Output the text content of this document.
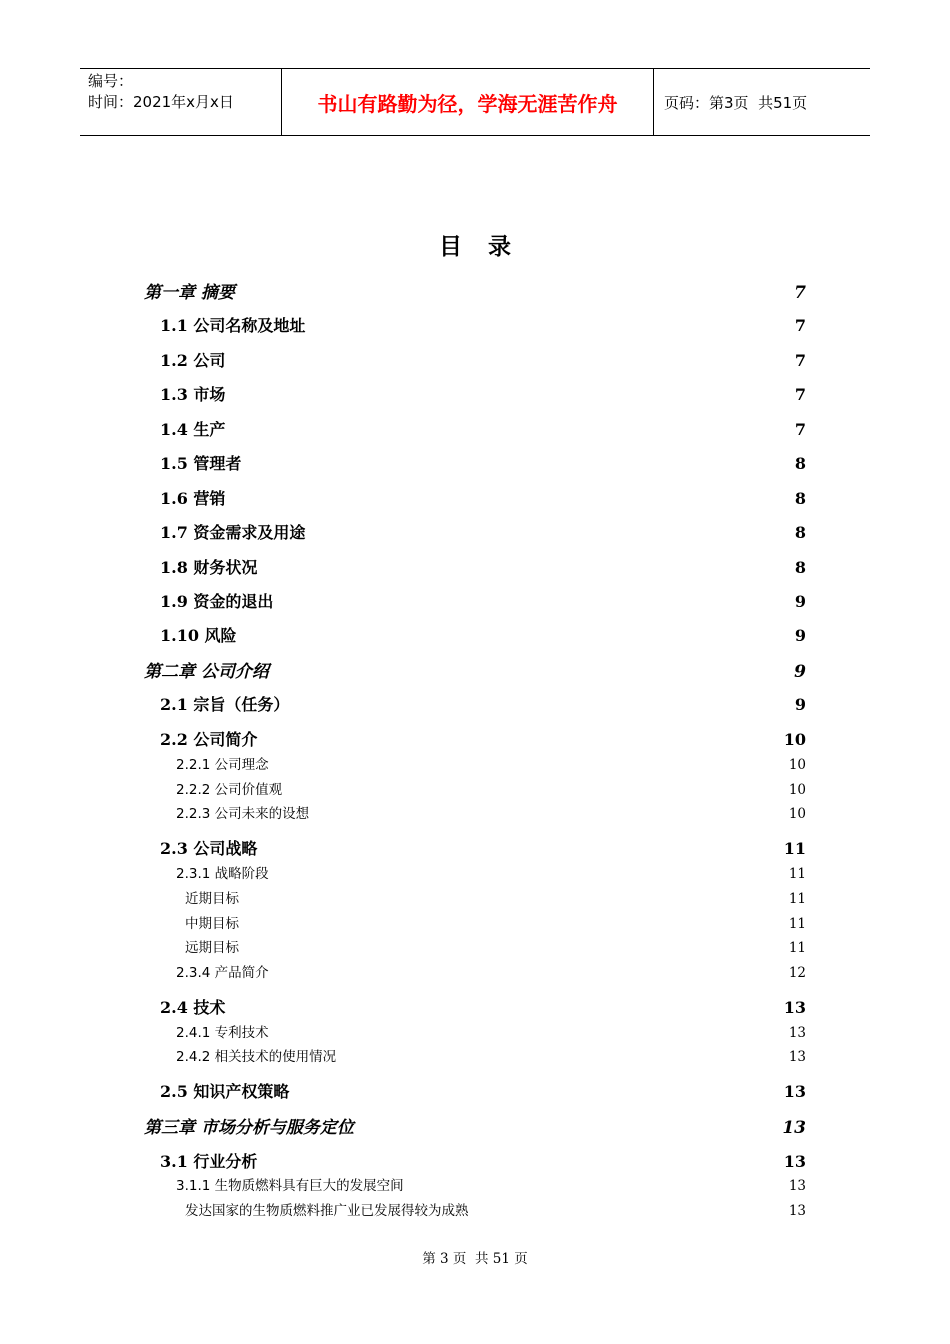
编号：
时间：2021年x月x日	书山有路勤为径，学海无涯苦作舟	页码：第3页  共51页
目录
第一章 摘要	7
1.1 公司名称及地址	7
1.2 公司	7
1.3 市场	7
1.4 生产	7
1.5 管理者	8
1.6 营销	8
1.7 资金需求及用途	8
1.8 财务状况	8
1.9 资金的退出	9
1.10 风险	9
第二章 公司介绍	9
2.1 宗旨（任务）	9
2.2 公司简介	10
2.2.1 公司理念	10
2.2.2 公司价值观	10
2.2.3 公司未来的设想	10
2.3 公司战略	11
2.3.1 战略阶段	11
近期目标	11
中期目标	11
远期目标	11
2.3.4 产品简介	12
2.4 技术	13
2.4.1 专利技术	13
2.4.2 相关技术的使用情况	13
2.5 知识产权策略	13
第三章 市场分析与服务定位	13
3.1 行业分析	13
3.1.1 生物质燃料具有巨大的发展空间	13
发达国家的生物质燃料推广业已发展得较为成熟	13
第 3 页  共 51 页
